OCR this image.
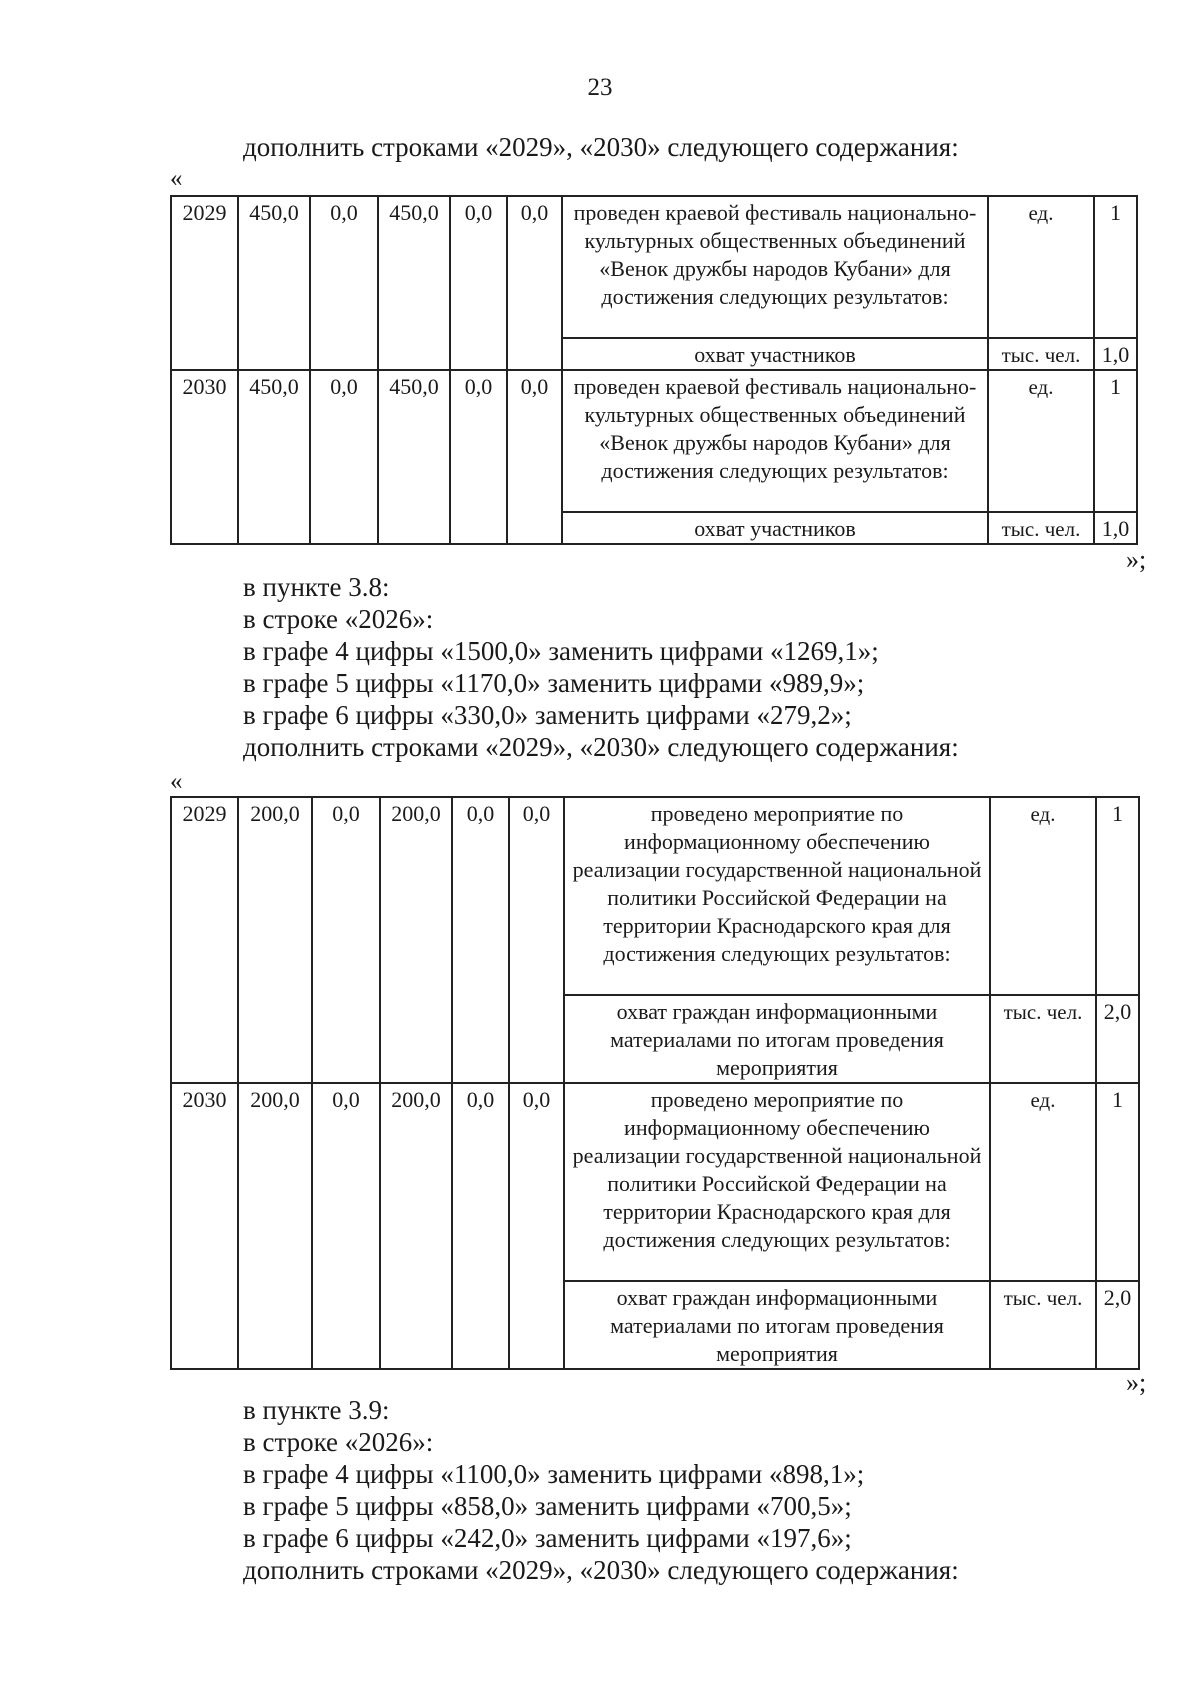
23
дополнить строками «2029», «2030» следующего содержания:
«
2029	450,0	0,0	450,0	0,0	0,0	проведен краевой фестиваль национально-культурных общественных объединений «Венок дружбы народов Кубани» для достижения следующих результатов:	ед.	1
						охват участников	тыс. чел.	1,0
2030	450,0	0,0	450,0	0,0	0,0	проведен краевой фестиваль национально-культурных общественных объединений «Венок дружбы народов Кубани» для достижения следующих результатов:	ед.	1
						охват участников	тыс. чел.	1,0
»;
в пункте 3.8:
в строке «2026»:
в графе 4 цифры «1500,0» заменить цифрами «1269,1»;
в графе 5 цифры «1170,0» заменить цифрами «989,9»;
в графе 6 цифры «330,0» заменить цифрами «279,2»;
дополнить строками «2029», «2030» следующего содержания:
«
2029	200,0	0,0	200,0	0,0	0,0	проведено мероприятие по информационному обеспечению реализации государственной национальной политики Российской Федерации на территории Краснодарского края для достижения следующих результатов:	ед.	1
						охват граждан информационными материалами по итогам проведения мероприятия	тыс. чел.	2,0
2030	200,0	0,0	200,0	0,0	0,0	проведено мероприятие по информационному обеспечению реализации государственной национальной политики Российской Федерации на территории Краснодарского края для достижения следующих результатов:	ед.	1
						охват граждан информационными материалами по итогам проведения мероприятия	тыс. чел.	2,0
»;
в пункте 3.9:
в строке «2026»:
в графе 4 цифры «1100,0» заменить цифрами «898,1»;
в графе 5 цифры «858,0» заменить цифрами «700,5»;
в графе 6 цифры «242,0» заменить цифрами «197,6»;
дополнить строками «2029», «2030» следующего содержания:
